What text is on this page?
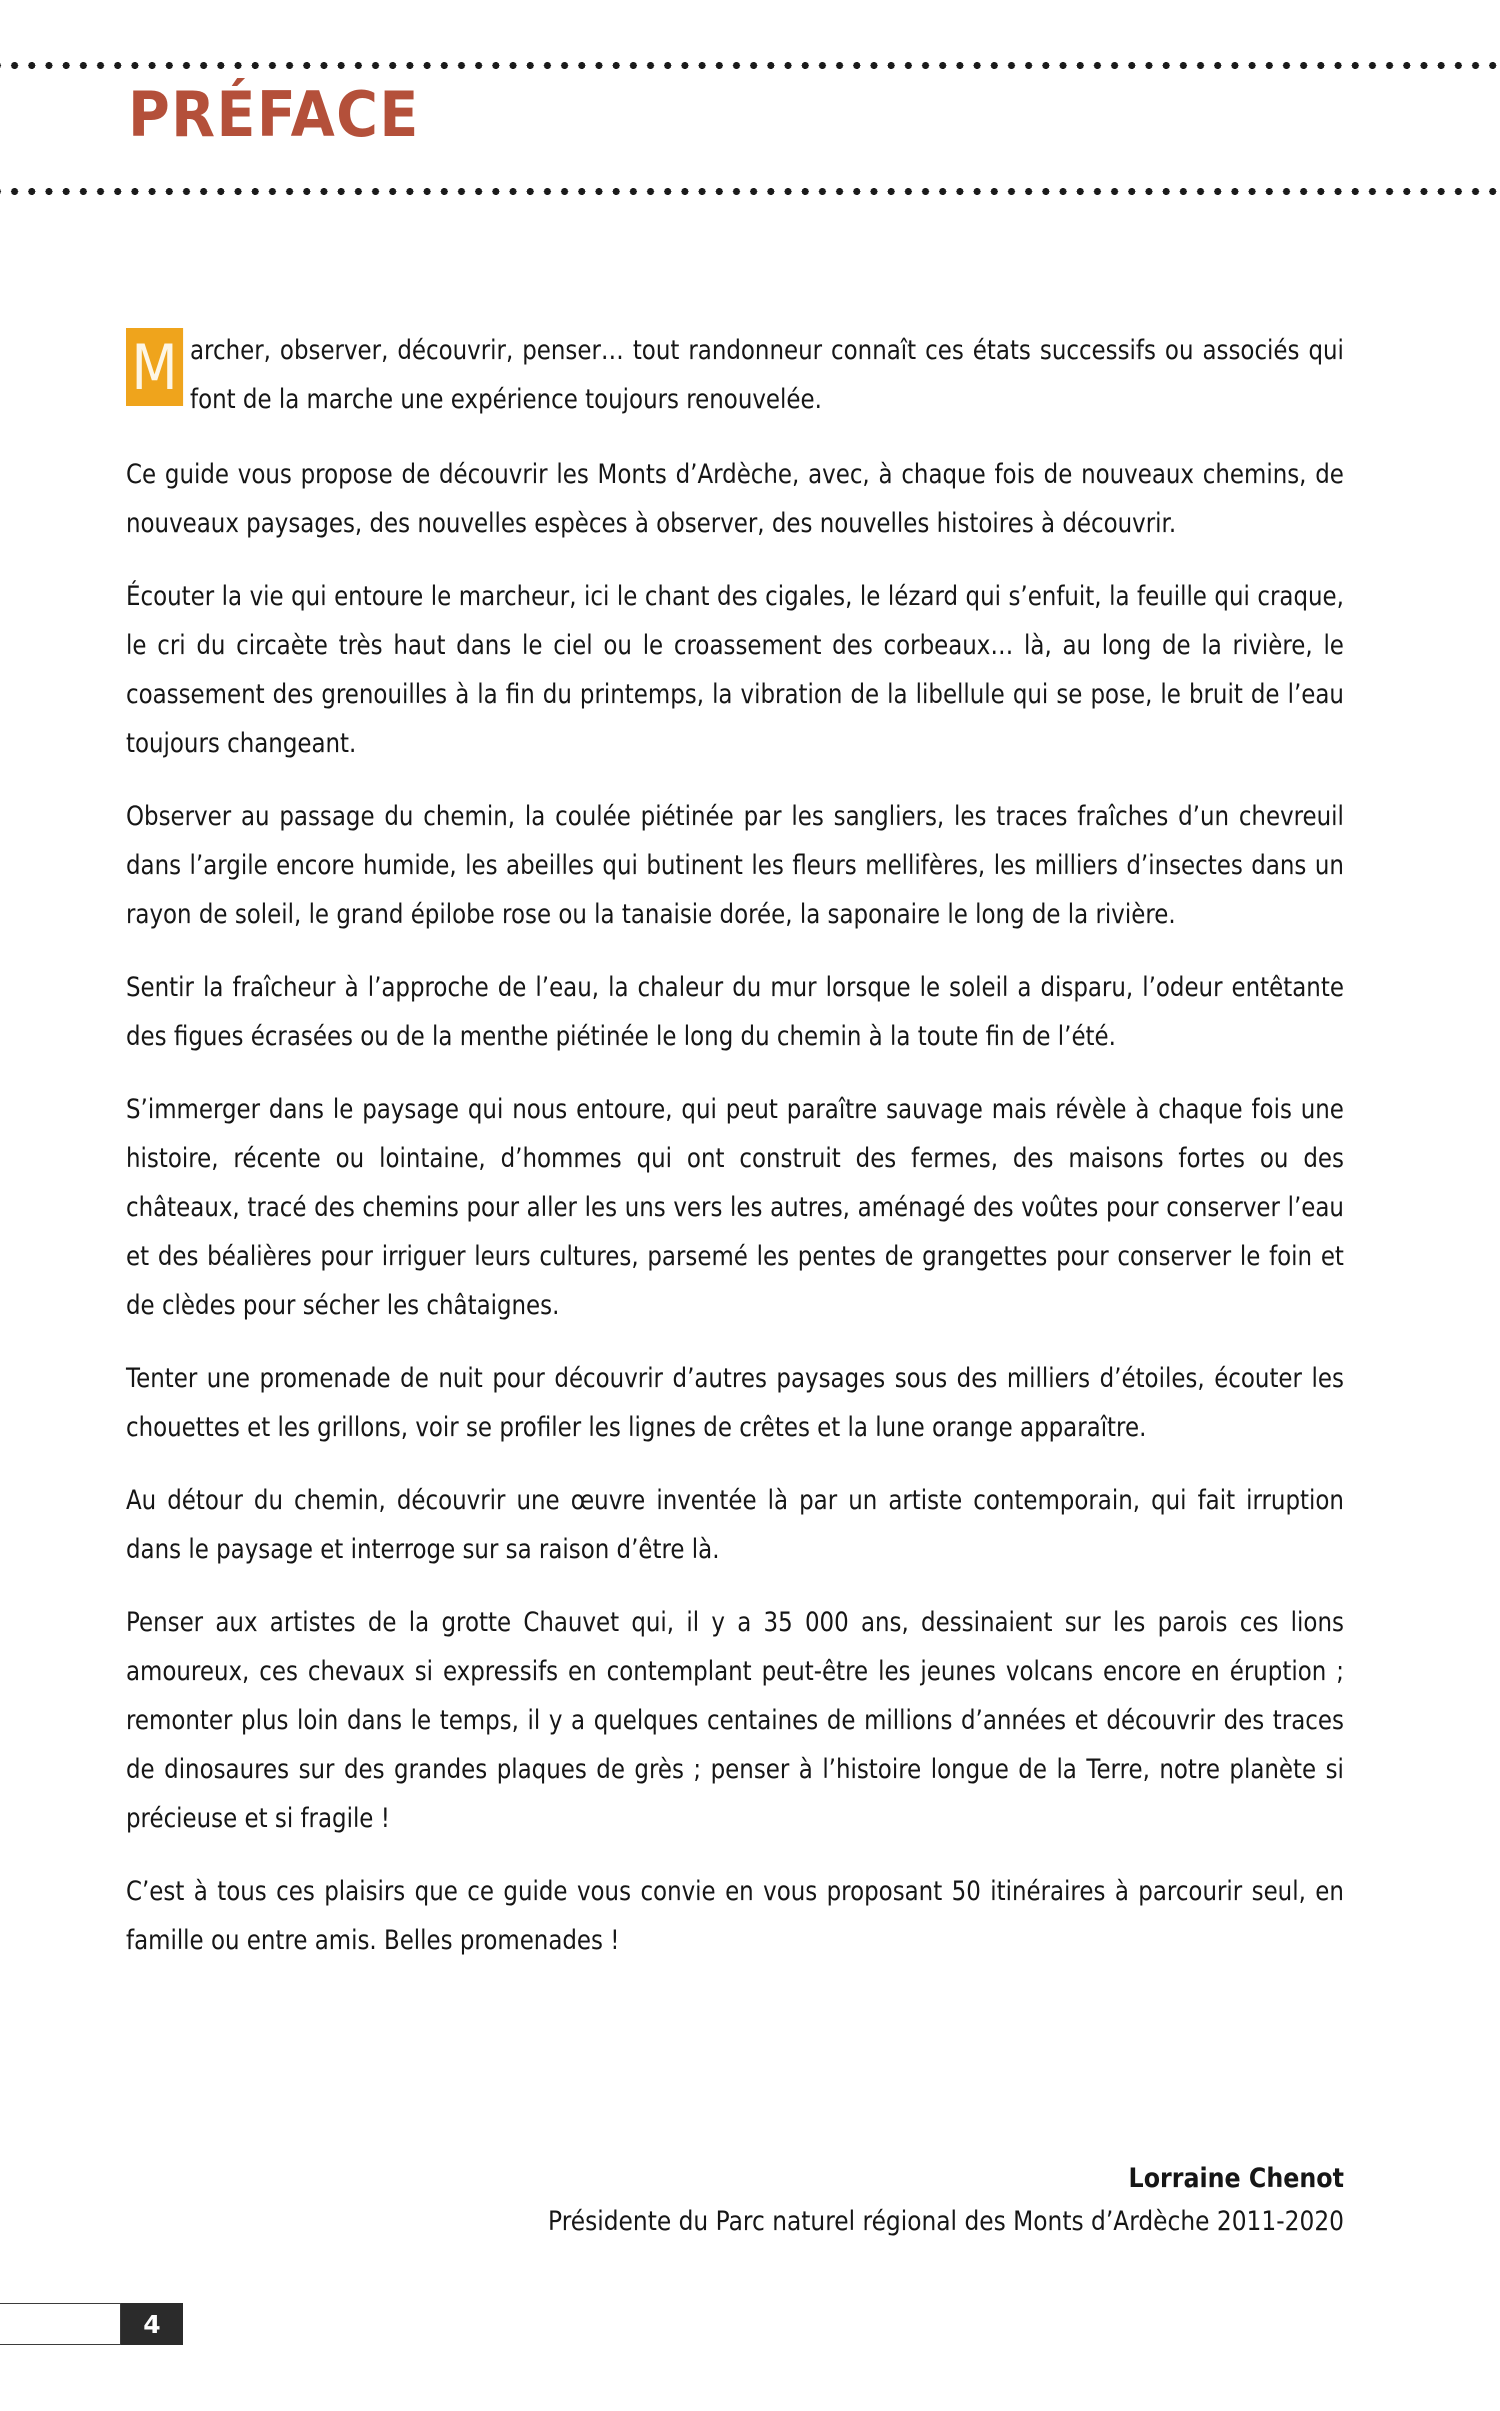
PRÉFACE

M archer, observer, découvrir, penser… tout randonneur connaît ces états successifs ou associés qui font de la marche une expérience toujours renouvelée.

Ce guide vous propose de découvrir les Monts d’Ardèche, avec, à chaque fois de nouveaux chemins, de nouveaux paysages, des nouvelles espèces à observer, des nouvelles histoires à découvrir.

Écouter la vie qui entoure le marcheur, ici le chant des cigales, le lézard qui s’enfuit, la feuille qui craque, le cri du circaète très haut dans le ciel ou le croassement des corbeaux… là, au long de la rivière, le coassement des grenouilles à la fin du printemps, la vibration de la libellule qui se pose, le bruit de l’eau toujours changeant.

Observer au passage du chemin, la coulée piétinée par les sangliers, les traces fraîches d’un chevreuil dans l’argile encore humide, les abeilles qui butinent les fleurs mellifères, les milliers d’insectes dans un rayon de soleil, le grand épilobe rose ou la tanaisie dorée, la saponaire le long de la rivière.

Sentir la fraîcheur à l’approche de l’eau, la chaleur du mur lorsque le soleil a disparu, l’odeur entêtante des figues écrasées ou de la menthe piétinée le long du chemin à la toute fin de l’été.

S’immerger dans le paysage qui nous entoure, qui peut paraître sauvage mais révèle à chaque fois une histoire, récente ou lointaine, d’hommes qui ont construit des fermes, des maisons fortes ou des châteaux, tracé des chemins pour aller les uns vers les autres, aménagé des voûtes pour conserver l’eau et des béalières pour irriguer leurs cultures, parsemé les pentes de grangettes pour conserver le foin et de clèdes pour sécher les châtaignes.

Tenter une promenade de nuit pour découvrir d’autres paysages sous des milliers d’étoiles, écouter les chouettes et les grillons, voir se profiler les lignes de crêtes et la lune orange apparaître.

Au détour du chemin, découvrir une œuvre inventée là par un artiste contemporain, qui fait irruption dans le paysage et interroge sur sa raison d’être là.

Penser aux artistes de la grotte Chauvet qui, il y a 35 000 ans, dessinaient sur les parois ces lions amoureux, ces chevaux si expressifs en contemplant peut-être les jeunes volcans encore en éruption ; remonter plus loin dans le temps, il y a quelques centaines de millions d’années et découvrir des traces de dinosaures sur des grandes plaques de grès ; penser à l’histoire longue de la Terre, notre planète si précieuse et si fragile !

C’est à tous ces plaisirs que ce guide vous convie en vous proposant 50 itinéraires à parcourir seul, en famille ou entre amis. Belles promenades !

Lorraine Chenot
Présidente du Parc naturel régional des Monts d’Ardèche 2011-2020
4
